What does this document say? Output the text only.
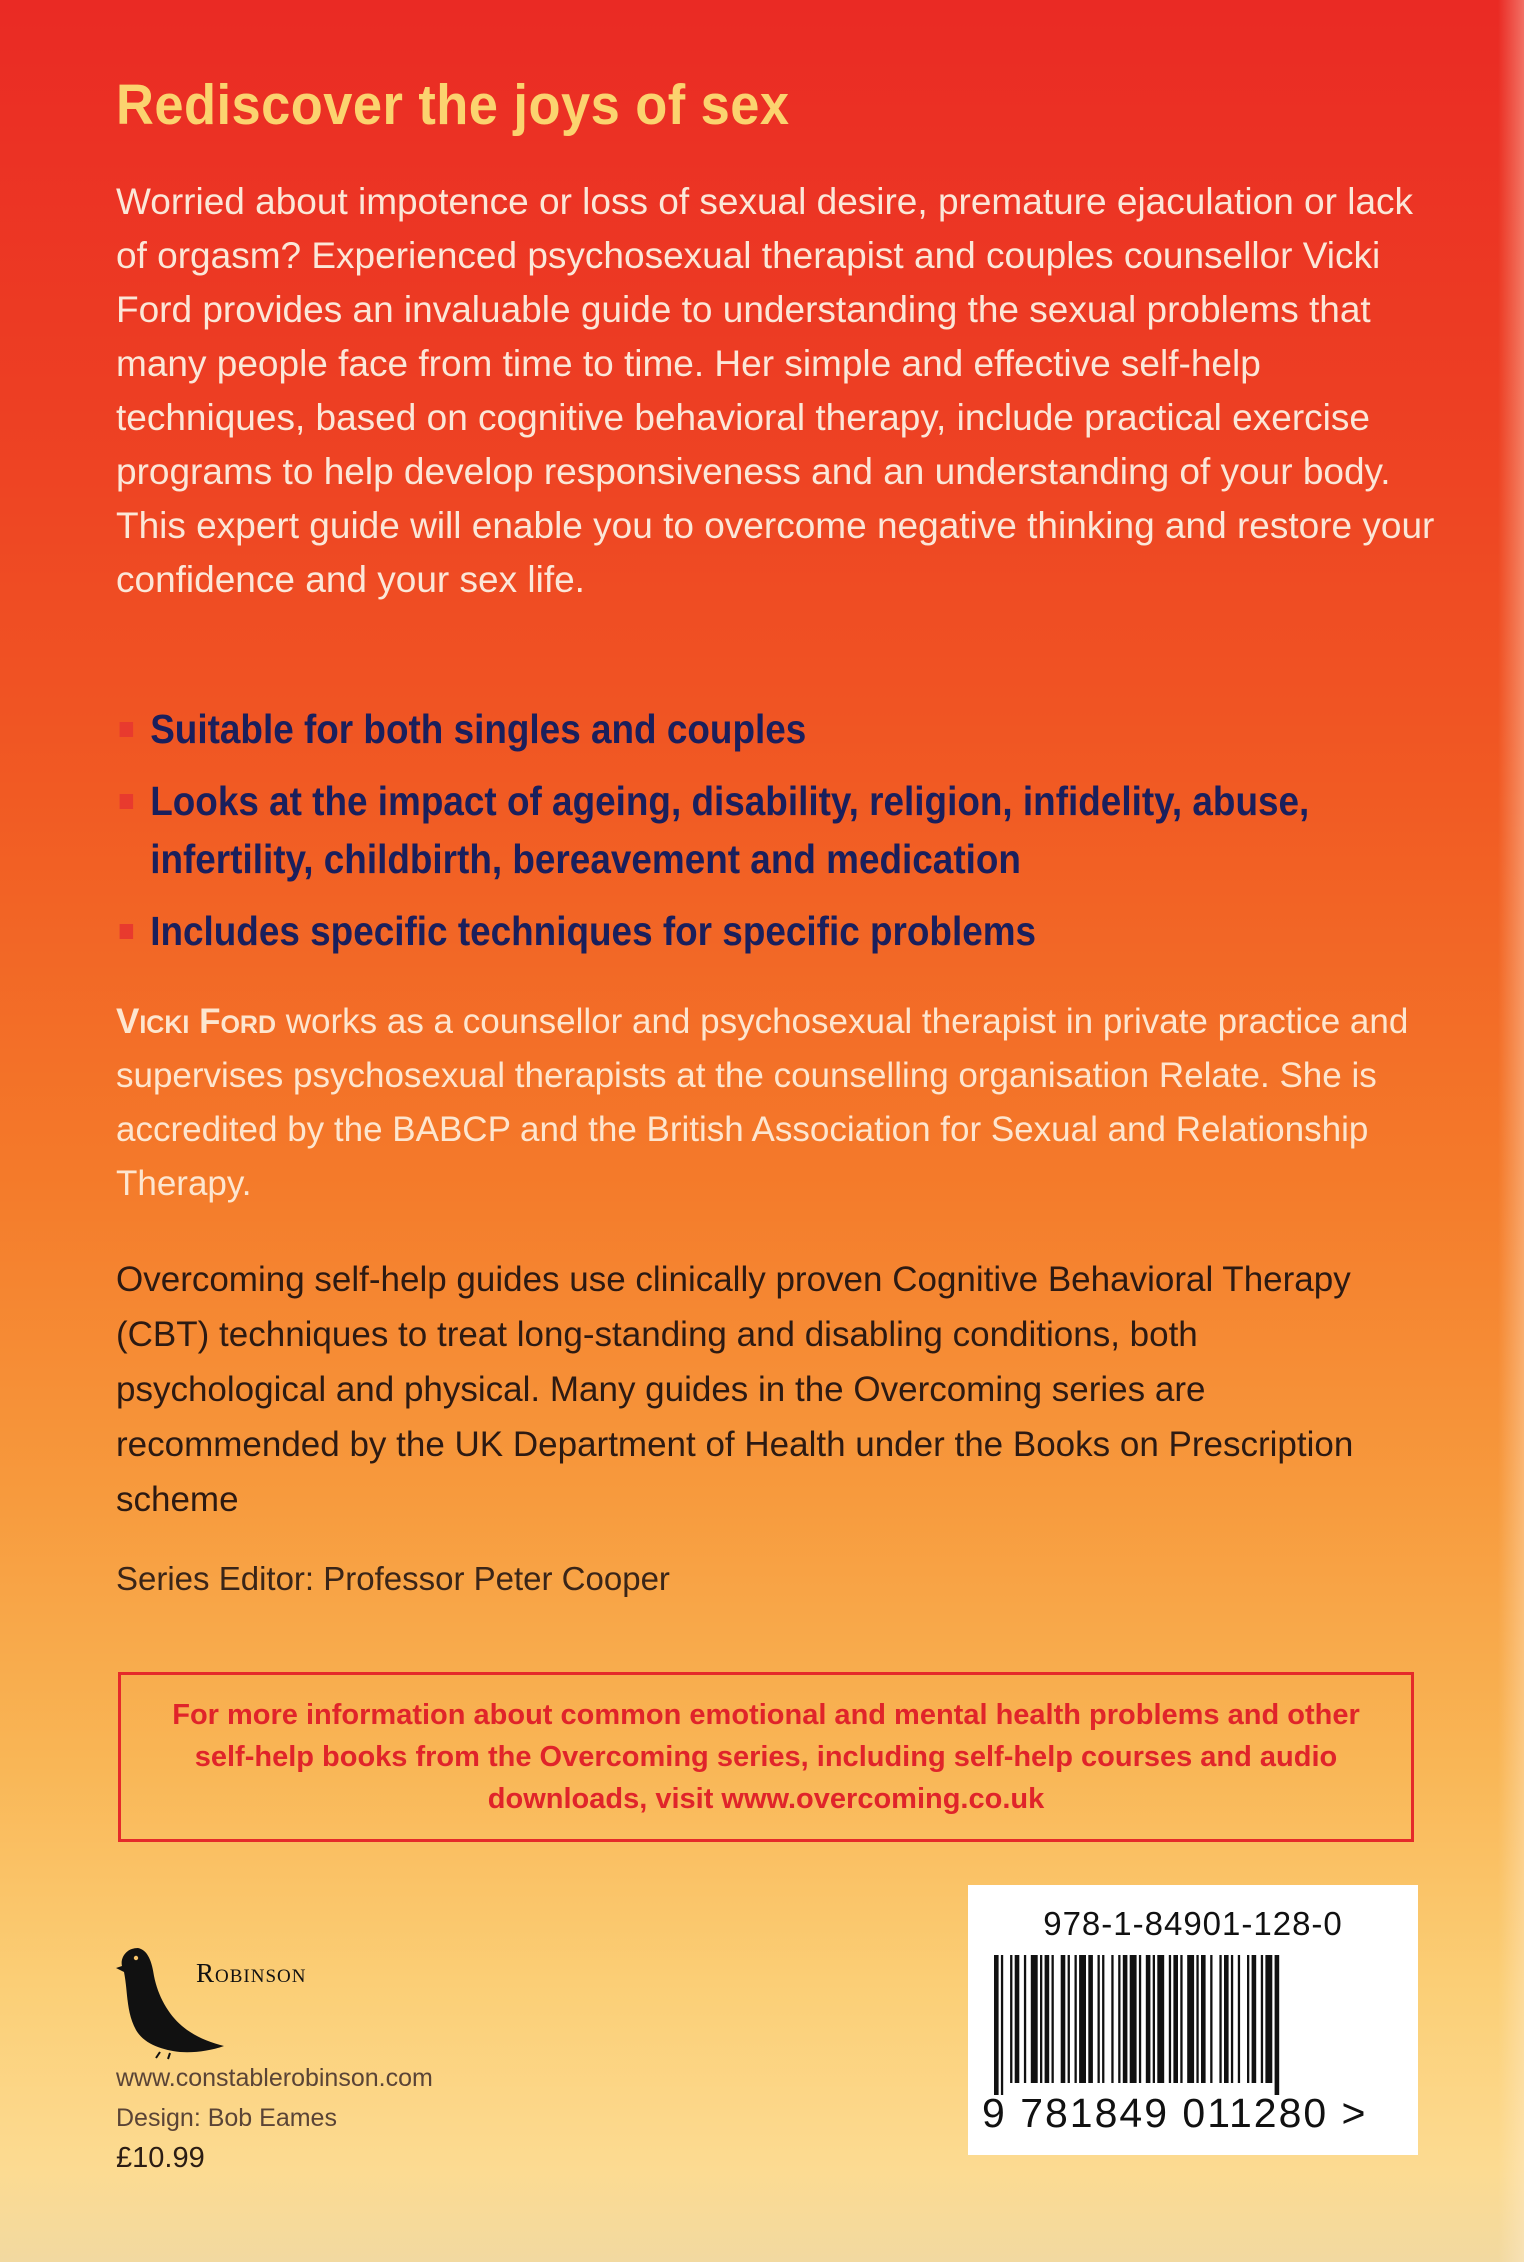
Rediscover the joys of sex
Worried about impotence or loss of sexual desire, premature ejaculation or lack of orgasm? Experienced psychosexual therapist and couples counsellor Vicki Ford provides an invaluable guide to understanding the sexual problems that many people face from time to time. Her simple and effective self-help techniques, based on cognitive behavioral therapy, include practical exercise programs to help develop responsiveness and an understanding of your body. This expert guide will enable you to overcome negative thinking and restore your confidence and your sex life.
Suitable for both singles and couples
Looks at the impact of ageing, disability, religion, infidelity, abuse, infertility, childbirth, bereavement and medication
Includes specific techniques for specific problems
Vicki Ford works as a counsellor and psychosexual therapist in private practice and supervises psychosexual therapists at the counselling organisation Relate. She is accredited by the BABCP and the British Association for Sexual and Relationship Therapy.
Overcoming self-help guides use clinically proven Cognitive Behavioral Therapy (CBT) techniques to treat long-standing and disabling conditions, both psychological and physical. Many guides in the Overcoming series are recommended by the UK Department of Health under the Books on Prescription scheme
Series Editor: Professor Peter Cooper
For more information about common emotional and mental health problems and other self-help books from the Overcoming series, including self-help courses and audio downloads, visit www.overcoming.co.uk
Robinson
www.constablerobinson.com
Design: Bob Eames
£10.99
978-1-84901-128-0
9 781849 011280 >
